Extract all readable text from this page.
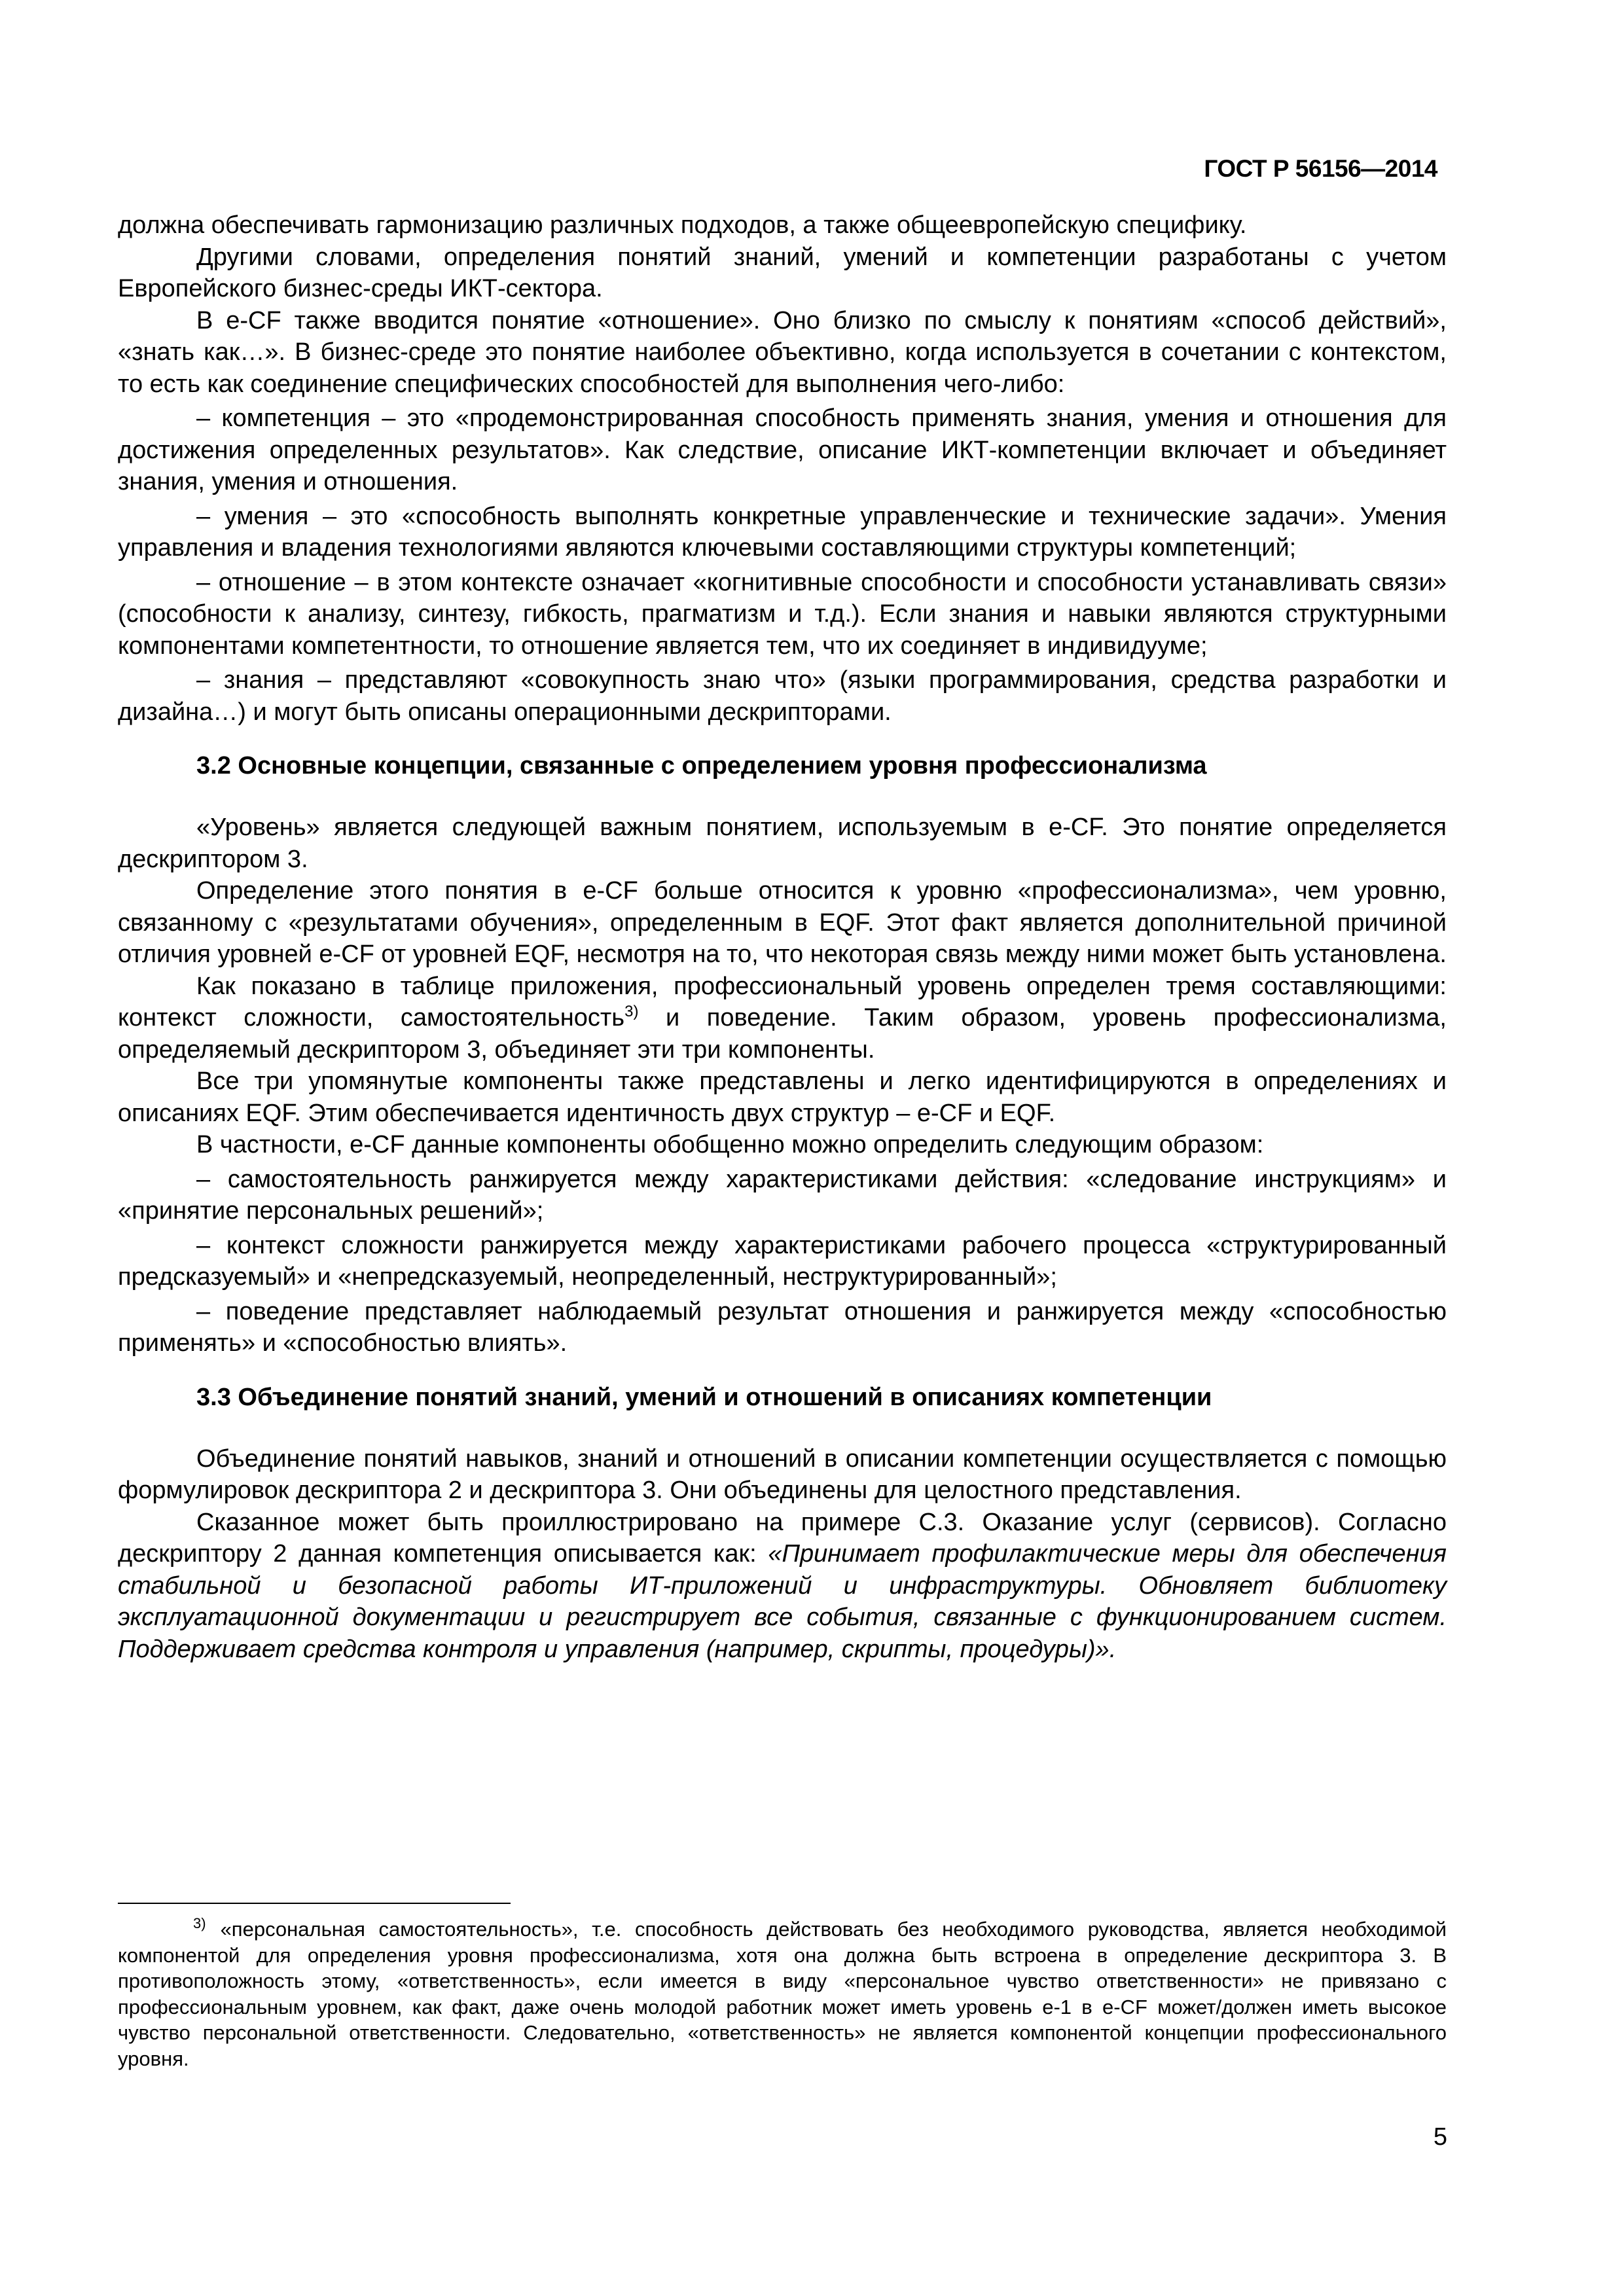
ГОСТ Р 56156—2014

должна обеспечивать гармонизацию различных подходов, а также общеевропейскую специфику.

Другими словами, определения понятий знаний, умений и компетенции разработаны с учетом Европейского бизнес-среды ИКТ-сектора.

В е-CF также вводится понятие «отношение». Оно близко по смыслу к понятиям «способ действий», «знать как…». В бизнес-среде это понятие наиболее объективно, когда используется в сочетании с контекстом, то есть как соединение специфических способностей для выполнения чего-либо:

– компетенция – это «продемонстрированная способность применять знания, умения и отношения для достижения определенных результатов». Как следствие, описание ИКТ-компетенции включает и объединяет знания, умения и отношения.

– умения – это «способность выполнять конкретные управленческие и технические задачи». Умения управления и владения технологиями являются ключевыми составляющими структуры компетенций;

– отношение – в этом контексте означает «когнитивные способности и способности устанавливать связи» (способности к анализу, синтезу, гибкость, прагматизм и т.д.). Если знания и навыки являются структурными компонентами компетентности, то отношение является тем, что их соединяет в индивидууме;

– знания – представляют «совокупность знаю что» (языки программирования, средства разработки и дизайна…) и могут быть описаны операционными дескрипторами.

3.2 Основные концепции, связанные с определением уровня профессионализма

«Уровень» является следующей важным понятием, используемым в е-CF. Это понятие определяется дескриптором 3.

Определение этого понятия в е-CF больше относится к уровню «профессионализма», чем уровню, связанному с «результатами обучения», определенным в EQF. Этот факт является дополнительной причиной отличия уровней е-CF от уровней EQF, несмотря на то, что некоторая связь между ними может быть установлена.

Как показано в таблице приложения, профессиональный уровень определен тремя составляющими: контекст сложности, самостоятельность$^{3)}$ и поведение. Таким образом, уровень профессионализма, определяемый дескриптором 3, объединяет эти три компоненты.

Все три упомянутые компоненты также представлены и легко идентифицируются в определениях и описаниях EQF. Этим обеспечивается идентичность двух структур – е-CF и EQF.

В частности, е-CF данные компоненты обобщенно можно определить следующим образом:

– самостоятельность ранжируется между характеристиками действия: «следование инструкциям» и «принятие персональных решений»;

– контекст сложности ранжируется между характеристиками рабочего процесса «структурированный предсказуемый» и «непредсказуемый, неопределенный, неструктурированный»;

– поведение представляет наблюдаемый результат отношения и ранжируется между «способностью применять» и «способностью влиять».

3.3 Объединение понятий знаний, умений и отношений в описаниях компетенции

Объединение понятий навыков, знаний и отношений в описании компетенции осуществляется с помощью формулировок дескриптора 2 и дескриптора 3. Они объединены для целостного представления.

Сказанное может быть проиллюстрировано на примере С.3. Оказание услуг (сервисов). Согласно дескриптору 2 данная компетенция описывается как: «Принимает профилактические меры для обеспечения стабильной и безопасной работы ИТ-приложений и инфраструктуры. Обновляет библиотеку эксплуатационной документации и регистрирует все события, связанные с функционированием систем. Поддерживает средства контроля и управления (например, скрипты, процедуры)».

$^{3)}$ «персональная самостоятельность», т.е. способность действовать без необходимого руководства, является необходимой компонентой для определения уровня профессионализма, хотя она должна быть встроена в определение дескриптора 3. В противоположность этому, «ответственность», если имеется в виду «персональное чувство ответственности» не привязано с профессиональным уровнем, как факт, даже очень молодой работник может иметь уровень е-1 в е-CF может/должен иметь высокое чувство персональной ответственности. Следовательно, «ответственность» не является компонентой концепции профессионального уровня.
5
